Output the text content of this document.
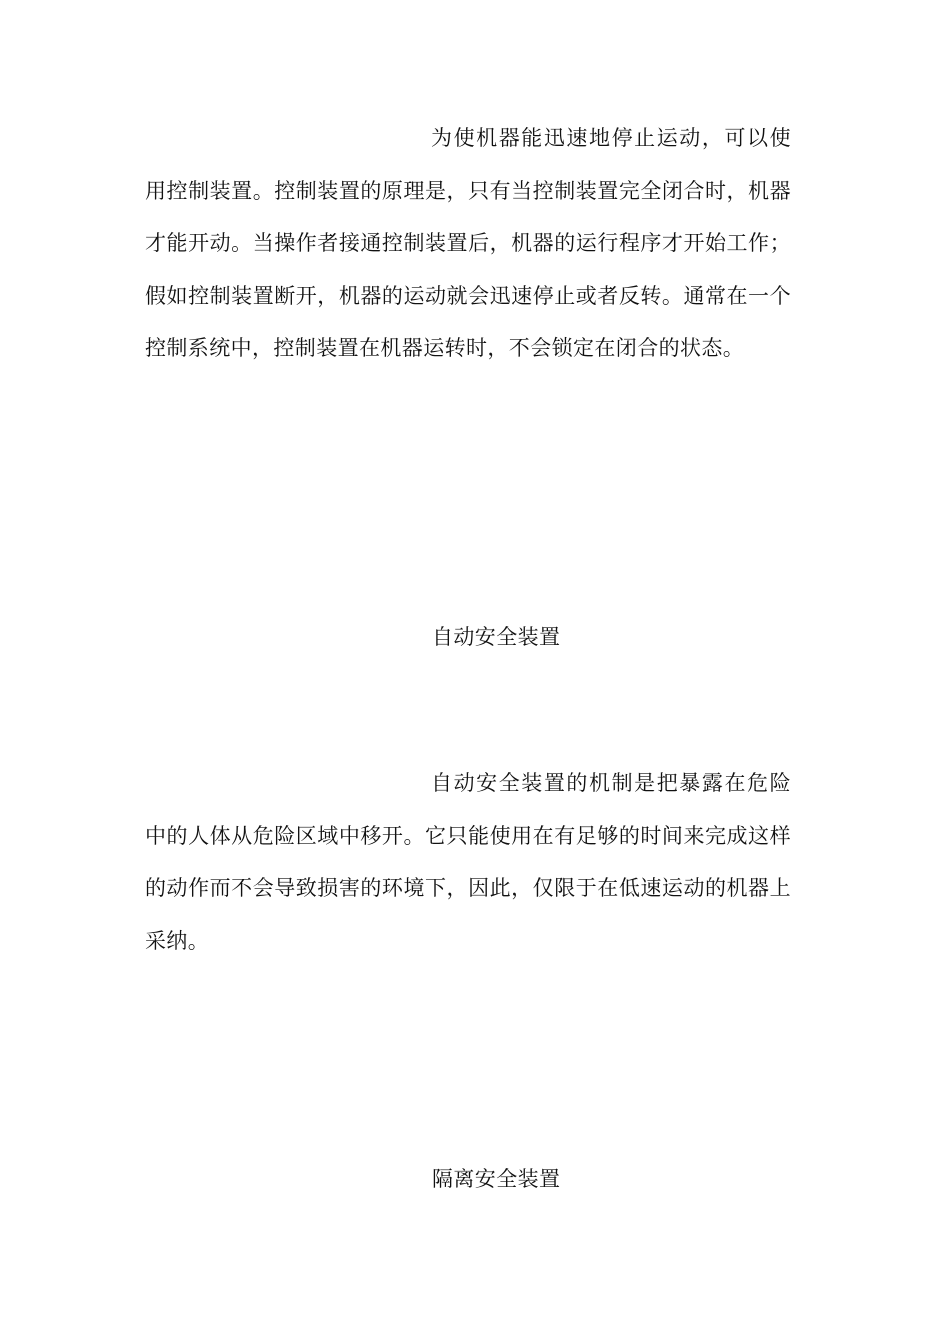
为使机器能迅速地停止运动，可以使用控制装置。控制装置的原理是，只有当控制装置完全闭合时，机器才能开动。当操作者接通控制装置后，机器的运行程序才开始工作；假如控制装置断开，机器的运动就会迅速停止或者反转。通常在一个控制系统中，控制装置在机器运转时，不会锁定在闭合的状态。

自动安全装置

自动安全装置的机制是把暴露在危险中的人体从危险区域中移开。它只能使用在有足够的时间来完成这样的动作而不会导致损害的环境下，因此，仅限于在低速运动的机器上采纳。

隔离安全装置
